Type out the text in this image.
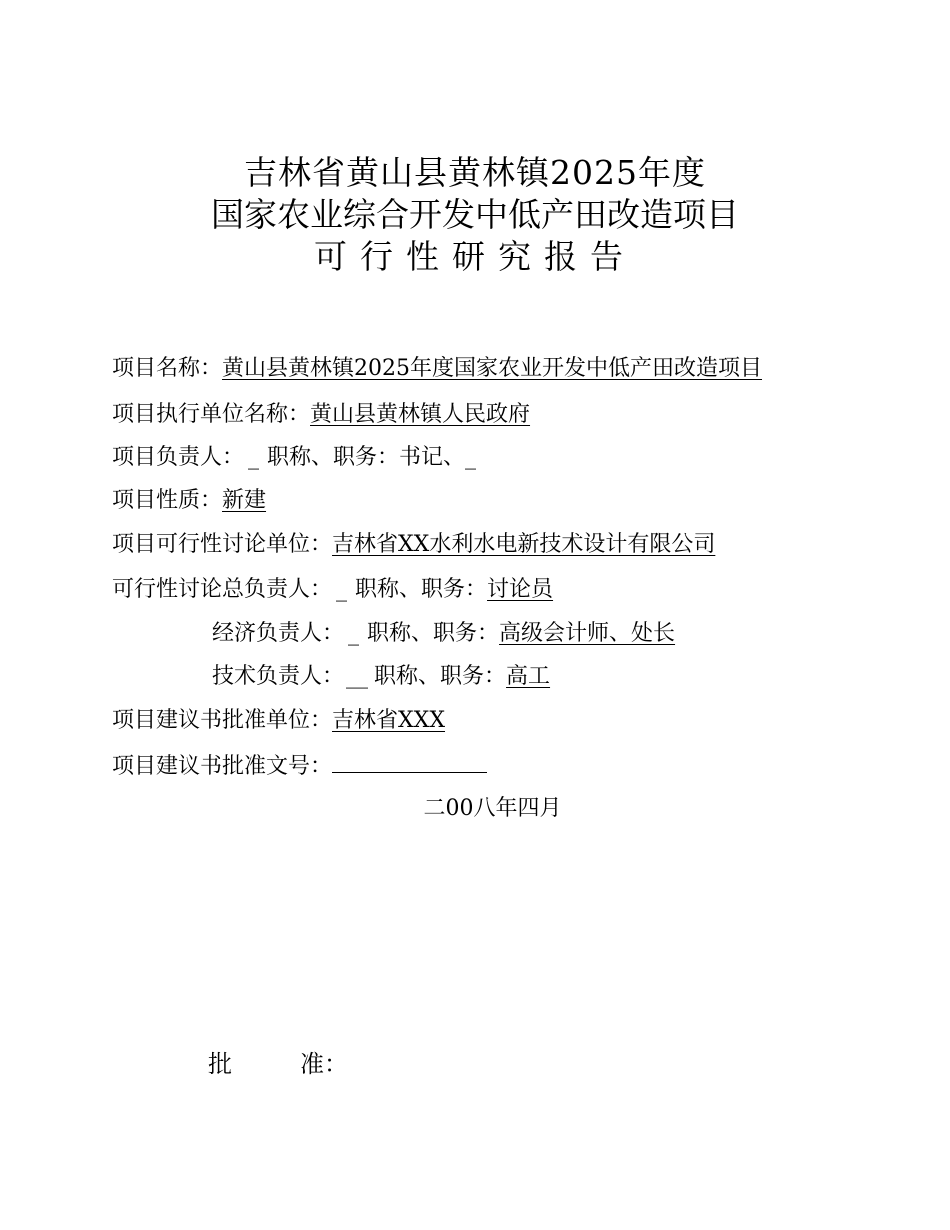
吉林省黄山县黄林镇2025年度
国家农业综合开发中低产田改造项目
可行性研究报告
项目名称：黄山县黄林镇2025年度国家农业开发中低产田改造项目
项目执行单位名称：黄山县黄林镇人民政府
项目负责人： _ 职称、职务：书记、_
项目性质：新建
项目可行性讨论单位：吉林省XX水利水电新技术设计有限公司
可行性讨论总负责人： _ 职称、职务：讨论员
经济负责人： _ 职称、职务：高级会计师、处长
技术负责人：__ 职称、职务：高工
项目建议书批准单位：吉林省XXX
项目建议书批准文号：
二00八年四月
批	准：
